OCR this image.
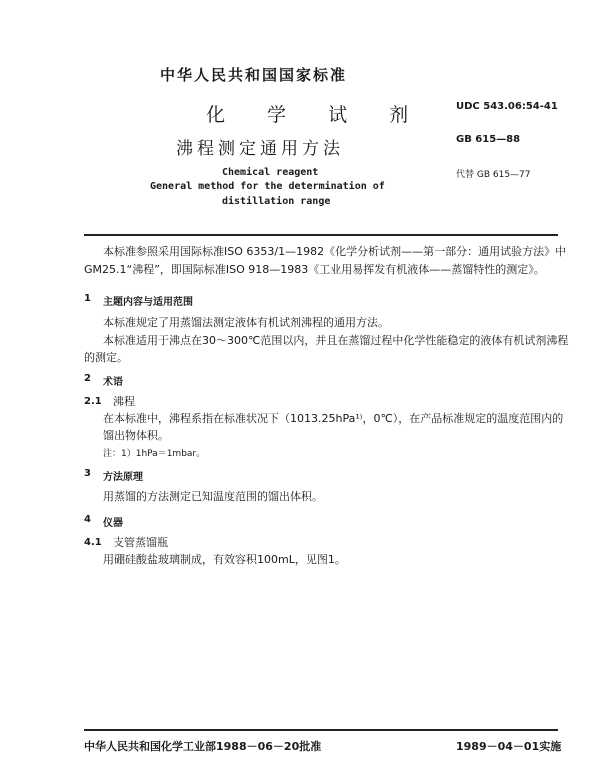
中华人民共和国国家标准
化 学 试 剂
沸程测定通用方法
UDC 543.06:54-41
GB 615—88
代替 GB 615—77
Chemical reagent
General method for the determination of
distillation range
本标准参照采用国际标准ISO 6353/1—1982《化学分析试剂——第一部分：通用试验方法》中
GM25.1“沸程”，即国际标准ISO 918—1983《工业用易挥发有机液体——蒸馏特性的测定》。
1 主题内容与适用范围
本标准规定了用蒸馏法测定液体有机试剂沸程的通用方法。
本标准适用于沸点在30～300℃范围以内，并且在蒸馏过程中化学性能稳定的液体有机试剂沸程
的测定。
2 术语
2.1 沸程
在本标准中，沸程系指在标准状况下（1013.25hPa¹⁾，0℃），在产品标准规定的温度范围内的
馏出物体积。
注：1）1hPa＝1mbar。
3 方法原理
用蒸馏的方法测定已知温度范围的馏出体积。
4 仪器
4.1 支管蒸馏瓶
用硼硅酸盐玻璃制成，有效容积100mL，见图1。
中华人民共和国化学工业部1988－06－20批准	1989－04－01实施
